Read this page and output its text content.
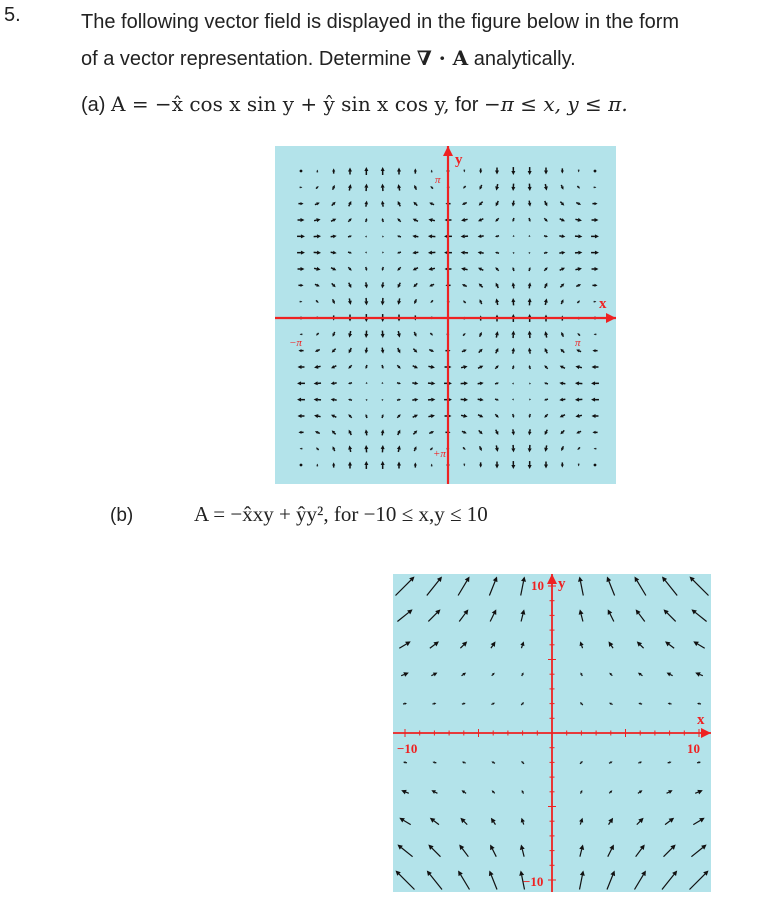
5.	The following vector field is displayed in the figure below in the form
of a vector representation. Determine ∇ · A analytically.
(a) A = −x̂ cos x sin y + ŷ sin x cos y, for −π ≤ x, y ≤ π.
x
y
π
−π
π
+π
(b)	A = −x̂xy + ŷy², for −10 ≤ x,y ≤ 10
x
y
10
−10
10
−10
